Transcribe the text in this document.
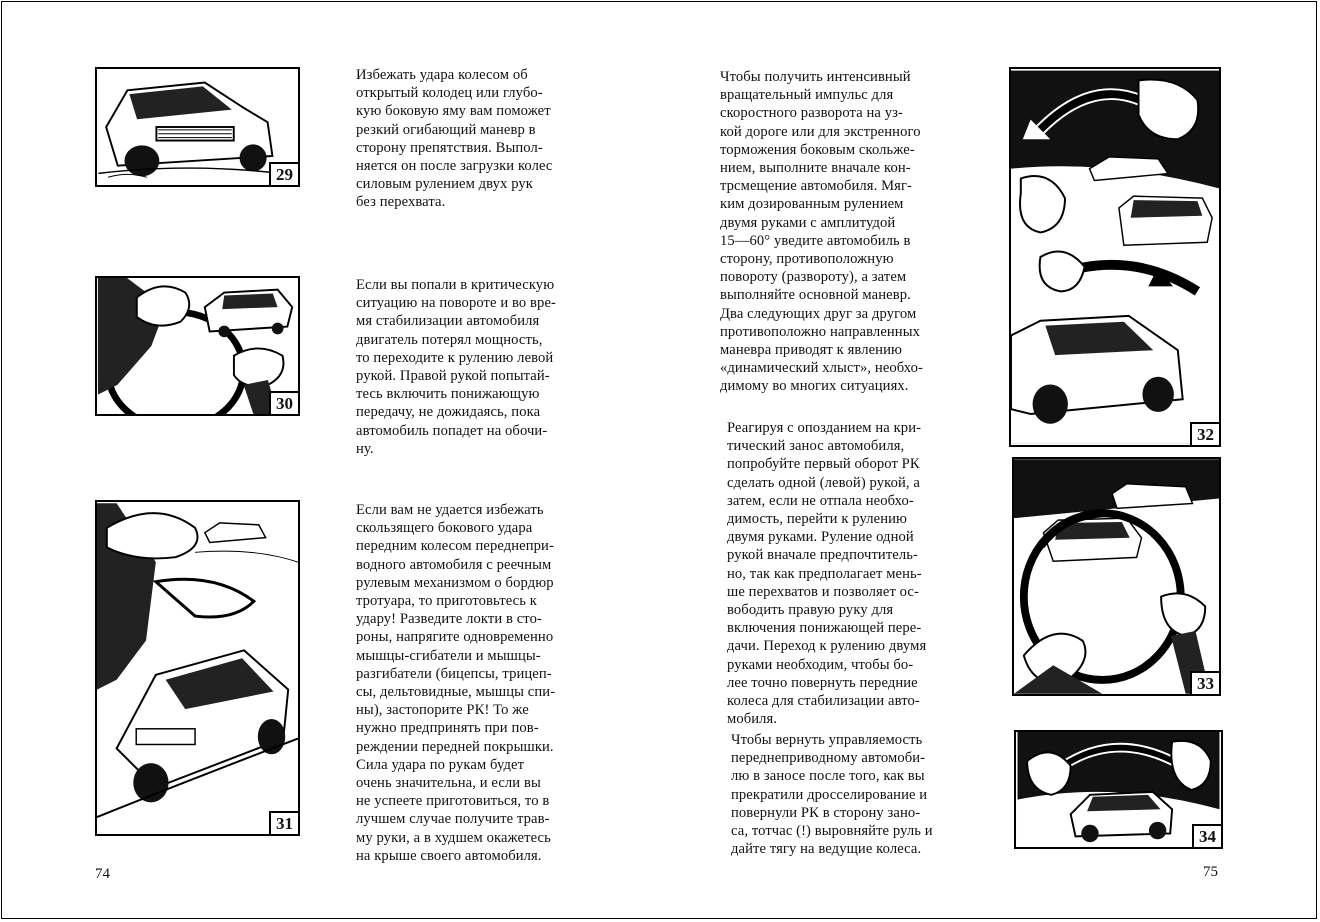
29
Избежать удара колесом об
открытый колодец или глубо-
кую боковую яму вам поможет
резкий огибающий маневр в
сторону препятствия. Выпол-
няется он после загрузки колес
силовым рулением двух рук
без перехвата.
30
Если вы попали в критическую
ситуацию на повороте и во вре-
мя стабилизации автомобиля
двигатель потерял мощность,
то переходите к рулению левой
рукой. Правой рукой попытай-
тесь включить понижающую
передачу, не дожидаясь, пока
автомобиль попадет на обочи-
ну.
31
Если вам не удается избежать
скользящего бокового удара
передним колесом переднепри-
водного автомобиля с реечным
рулевым механизмом о бордюр
тротуара, то приготовьтесь к
удару! Разведите локти в сто-
роны, напрягите одновременно
мышцы-сгибатели и мышцы-
разгибатели (бицепсы, трицеп-
сы, дельтовидные, мышцы спи-
ны), застопорите РК! То же
нужно предпринять при пов-
реждении передней покрышки.
Сила удара по рукам будет
очень значительна, и если вы
не успеете приготовиться, то в
лучшем случае получите трав-
му руки, а в худшем окажетесь
на крыше своего автомобиля.
74
Чтобы получить интенсивный
вращательный импульс для
скоростного разворота на уз-
кой дороге или для экстренного
торможения боковым скольже-
нием, выполните вначале кон-
трсмещение автомобиля. Мяг-
ким дозированным рулением
двумя руками с амплитудой
15—60° уведите автомобиль в
сторону, противоположную
повороту (развороту), а затем
выполняйте основной маневр.
Два следующих друг за другом
противоположно направленных
маневра приводят к явлению
«динамический хлыст», необхо-
димому во многих ситуациях.
32
Реагируя с опозданием на кри-
тический занос автомобиля,
попробуйте первый оборот РК
сделать одной (левой) рукой, а
затем, если не отпала необхо-
димость, перейти к рулению
двумя руками. Руление одной
рукой вначале предпочтитель-
но, так как предполагает мень-
ше перехватов и позволяет ос-
вободить правую руку для
включения понижающей пере-
дачи. Переход к рулению двумя
руками необходим, чтобы бо-
лее точно повернуть передние
колеса для стабилизации авто-
мобиля.
33
Чтобы вернуть управляемость
переднеприводному автомоби-
лю в заносе после того, как вы
прекратили дросселирование и
повернули РК в сторону зано-
са, тотчас (!) выровняйте руль и
дайте тягу на ведущие колеса.
34
75
